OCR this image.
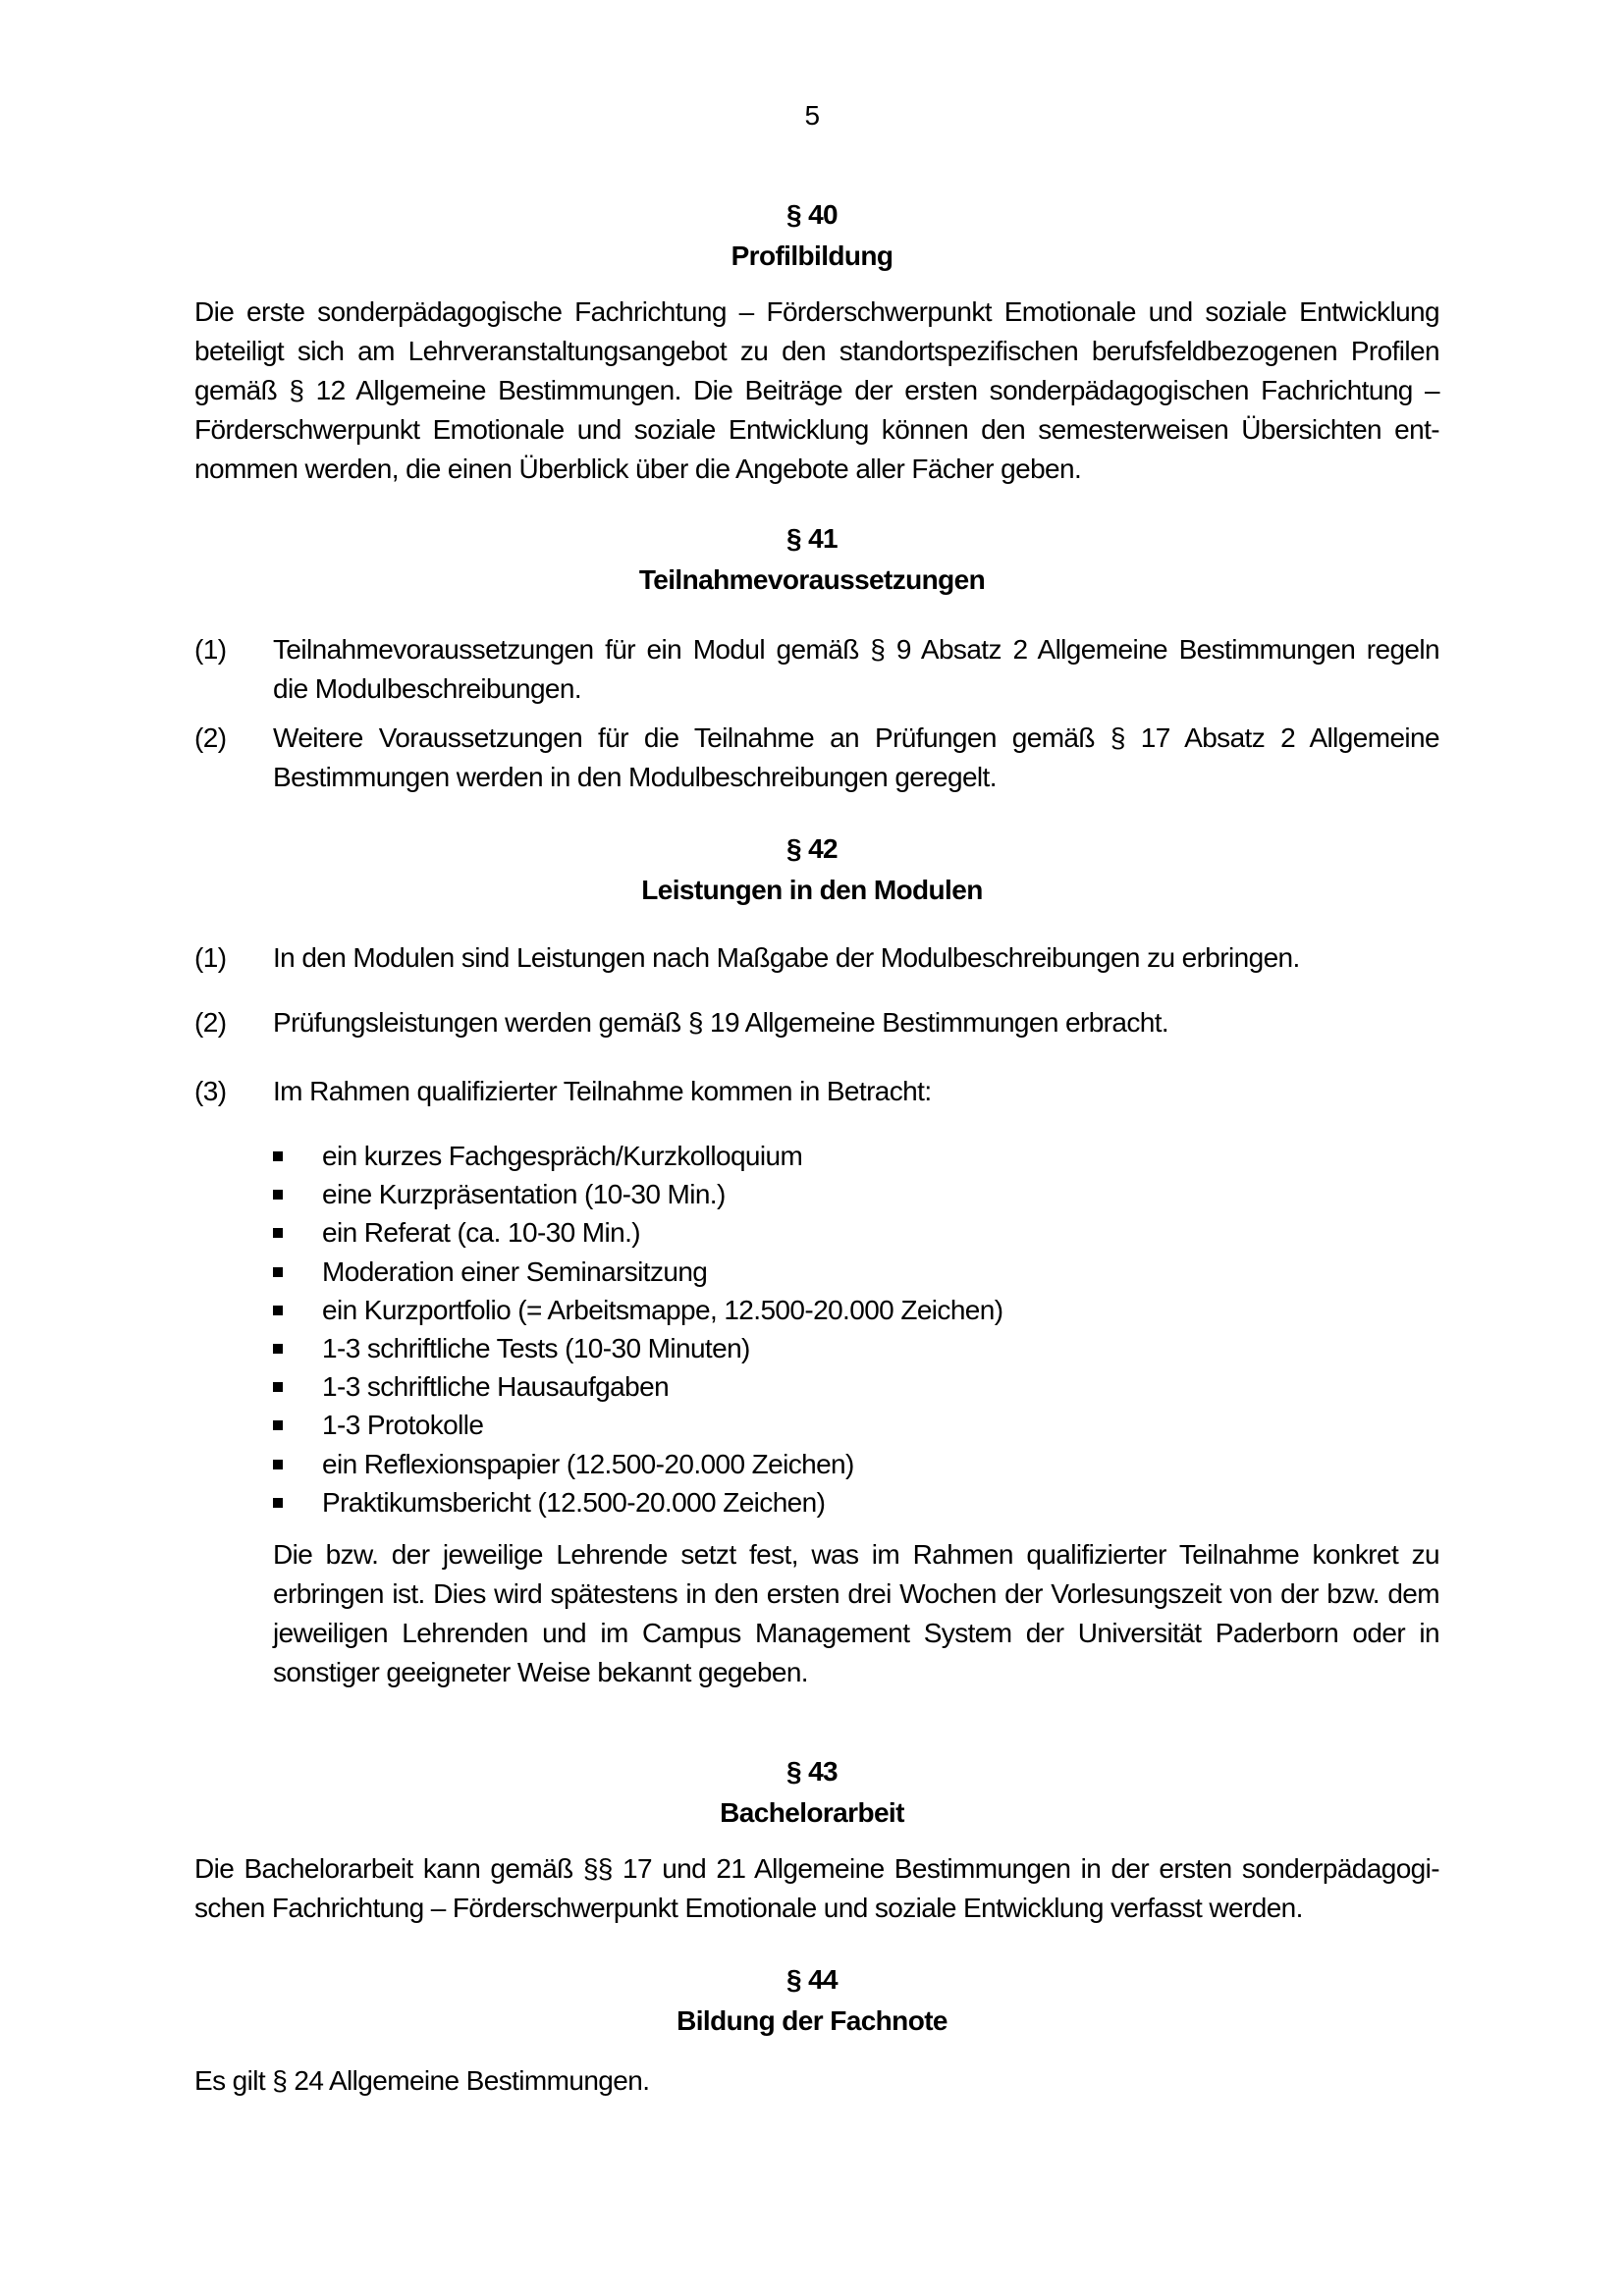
5
§ 40
Profilbildung
Die erste sonderpädagogische Fachrichtung – Förderschwerpunkt Emotionale und soziale Entwicklung
beteiligt sich am Lehrveranstaltungsangebot zu den standortspezifischen berufsfeldbezogenen Profilen
gemäß § 12 Allgemeine Bestimmungen. Die Beiträge der ersten sonderpädagogischen Fachrichtung –
Förderschwerpunkt Emotionale und soziale Entwicklung können den semesterweisen Übersichten ent-
nommen werden, die einen Überblick über die Angebote aller Fächer geben.
§ 41
Teilnahmevoraussetzungen
(1) Teilnahmevoraussetzungen für ein Modul gemäß § 9 Absatz 2 Allgemeine Bestimmungen regeln
die Modulbeschreibungen.
(2) Weitere Voraussetzungen für die Teilnahme an Prüfungen gemäß § 17 Absatz 2 Allgemeine
Bestimmungen werden in den Modulbeschreibungen geregelt.
§ 42
Leistungen in den Modulen
(1) In den Modulen sind Leistungen nach Maßgabe der Modulbeschreibungen zu erbringen.
(2) Prüfungsleistungen werden gemäß § 19 Allgemeine Bestimmungen erbracht.
(3) Im Rahmen qualifizierter Teilnahme kommen in Betracht:
ein kurzes Fachgespräch/Kurzkolloquium
eine Kurzpräsentation (10-30 Min.)
ein Referat (ca. 10-30 Min.)
Moderation einer Seminarsitzung
ein Kurzportfolio (= Arbeitsmappe, 12.500-20.000 Zeichen)
1-3 schriftliche Tests (10-30 Minuten)
1-3 schriftliche Hausaufgaben
1-3 Protokolle
ein Reflexionspapier (12.500-20.000 Zeichen)
Praktikumsbericht (12.500-20.000 Zeichen)
Die bzw. der jeweilige Lehrende setzt fest, was im Rahmen qualifizierter Teilnahme konkret zu
erbringen ist. Dies wird spätestens in den ersten drei Wochen der Vorlesungszeit von der bzw. dem
jeweiligen Lehrenden und im Campus Management System der Universität Paderborn oder in
sonstiger geeigneter Weise bekannt gegeben.
§ 43
Bachelorarbeit
Die Bachelorarbeit kann gemäß §§ 17 und 21 Allgemeine Bestimmungen in der ersten sonderpädagogi-
schen Fachrichtung – Förderschwerpunkt Emotionale und soziale Entwicklung verfasst werden.
§ 44
Bildung der Fachnote
Es gilt § 24 Allgemeine Bestimmungen.
